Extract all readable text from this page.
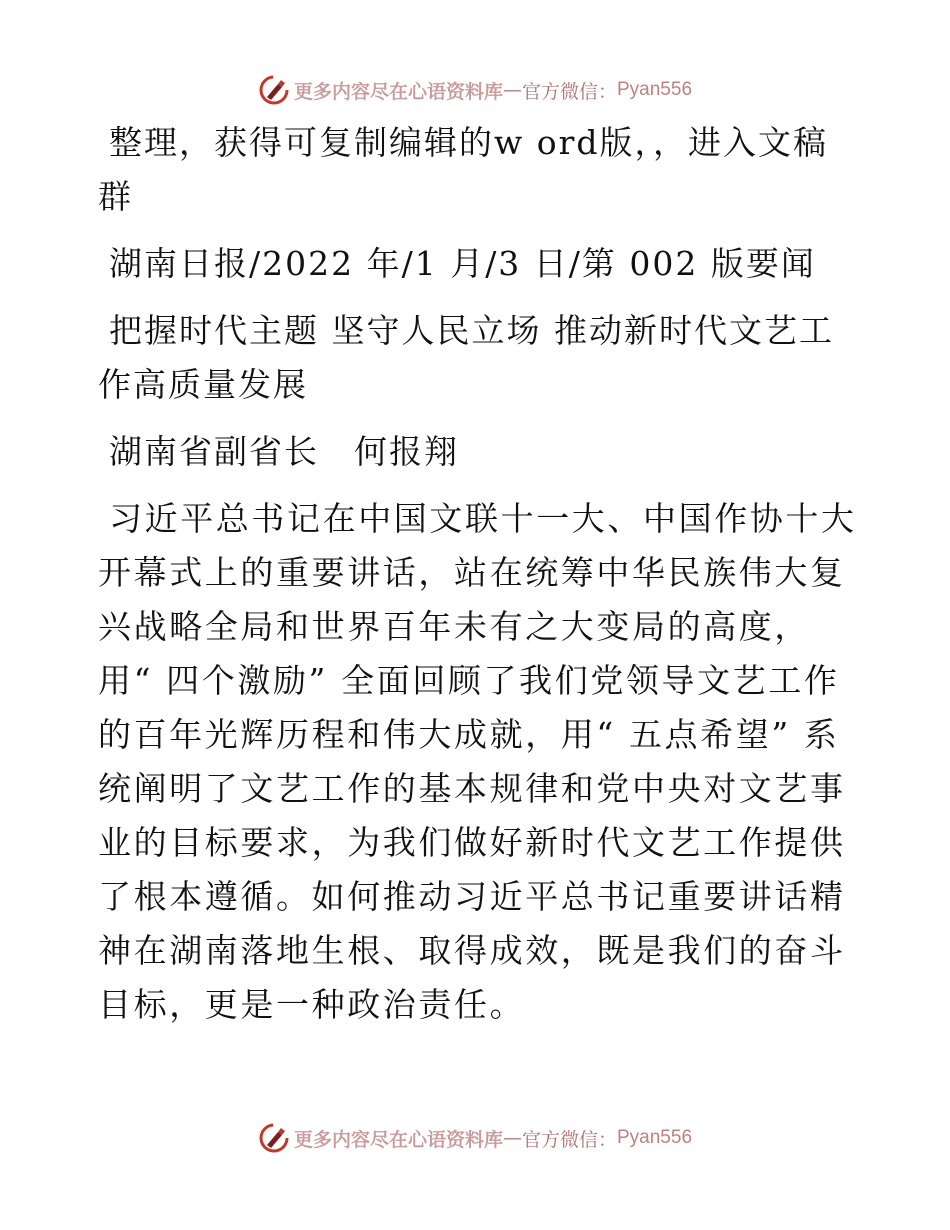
更多内容尽在心语资料库 — 官方微信： Pyan556

整理，获得可复制编辑的w ord版，，进入文稿群

湖南日报/2022 年/1 月/3 日/第 002 版要闻

把握时代主题 坚守人民立场 推动新时代文艺工作高质量发展

湖南省副省长　何报翔

习近平总书记在中国文联十一大、中国作协十大开幕式上的重要讲话，站在统筹中华民族伟大复兴战略全局和世界百年未有之大变局的高度，用“ 四个激励” 全面回顾了我们党领导文艺工作的百年光辉历程和伟大成就，用“ 五点希望” 系统阐明了文艺工作的基本规律和党中央对文艺事业的目标要求，为我们做好新时代文艺工作提供了根本遵循。如何推动习近平总书记重要讲话精神在湖南落地生根、取得成效，既是我们的奋斗目标，更是一种政治责任。

更多内容尽在心语资料库 — 官方微信： Pyan556
